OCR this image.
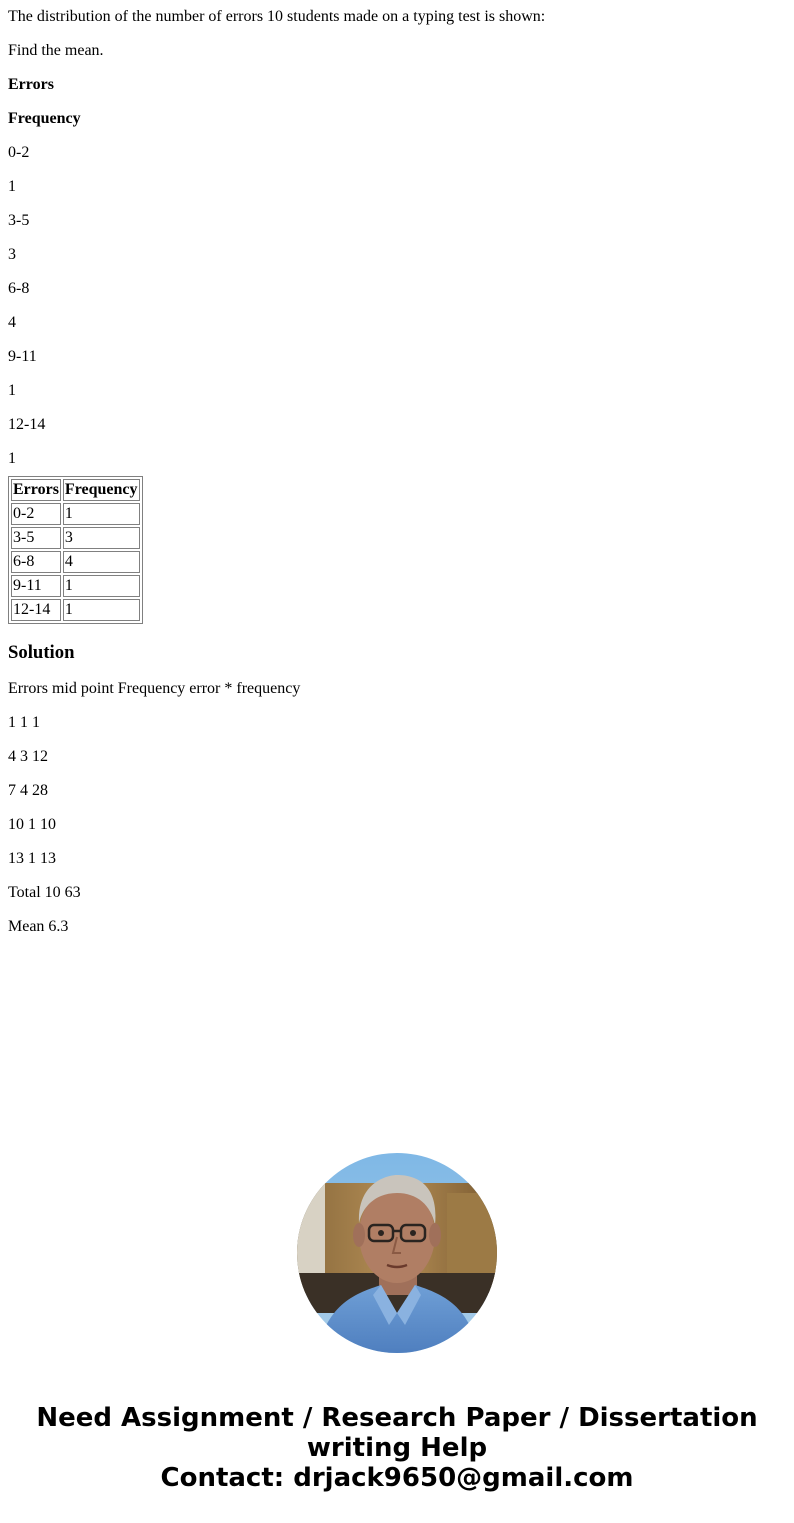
The distribution of the number of errors 10 students made on a typing test is shown:

Find the mean.

Errors

Frequency

0-2

1

3-5

3

6-8

4

9-11

1

12-14

1

Errors	Frequency
0-2	1
3-5	3
6-8	4
9-11	1
12-14	1
Solution

Errors mid point Frequency error * frequency

1 1 1

4 3 12

7 4 28

10 1 10

13 1 13

Total 10 63

Mean 6.3

Need Assignment / Research Paper / Dissertation
writing Help
Contact: drjack9650@gmail.com
